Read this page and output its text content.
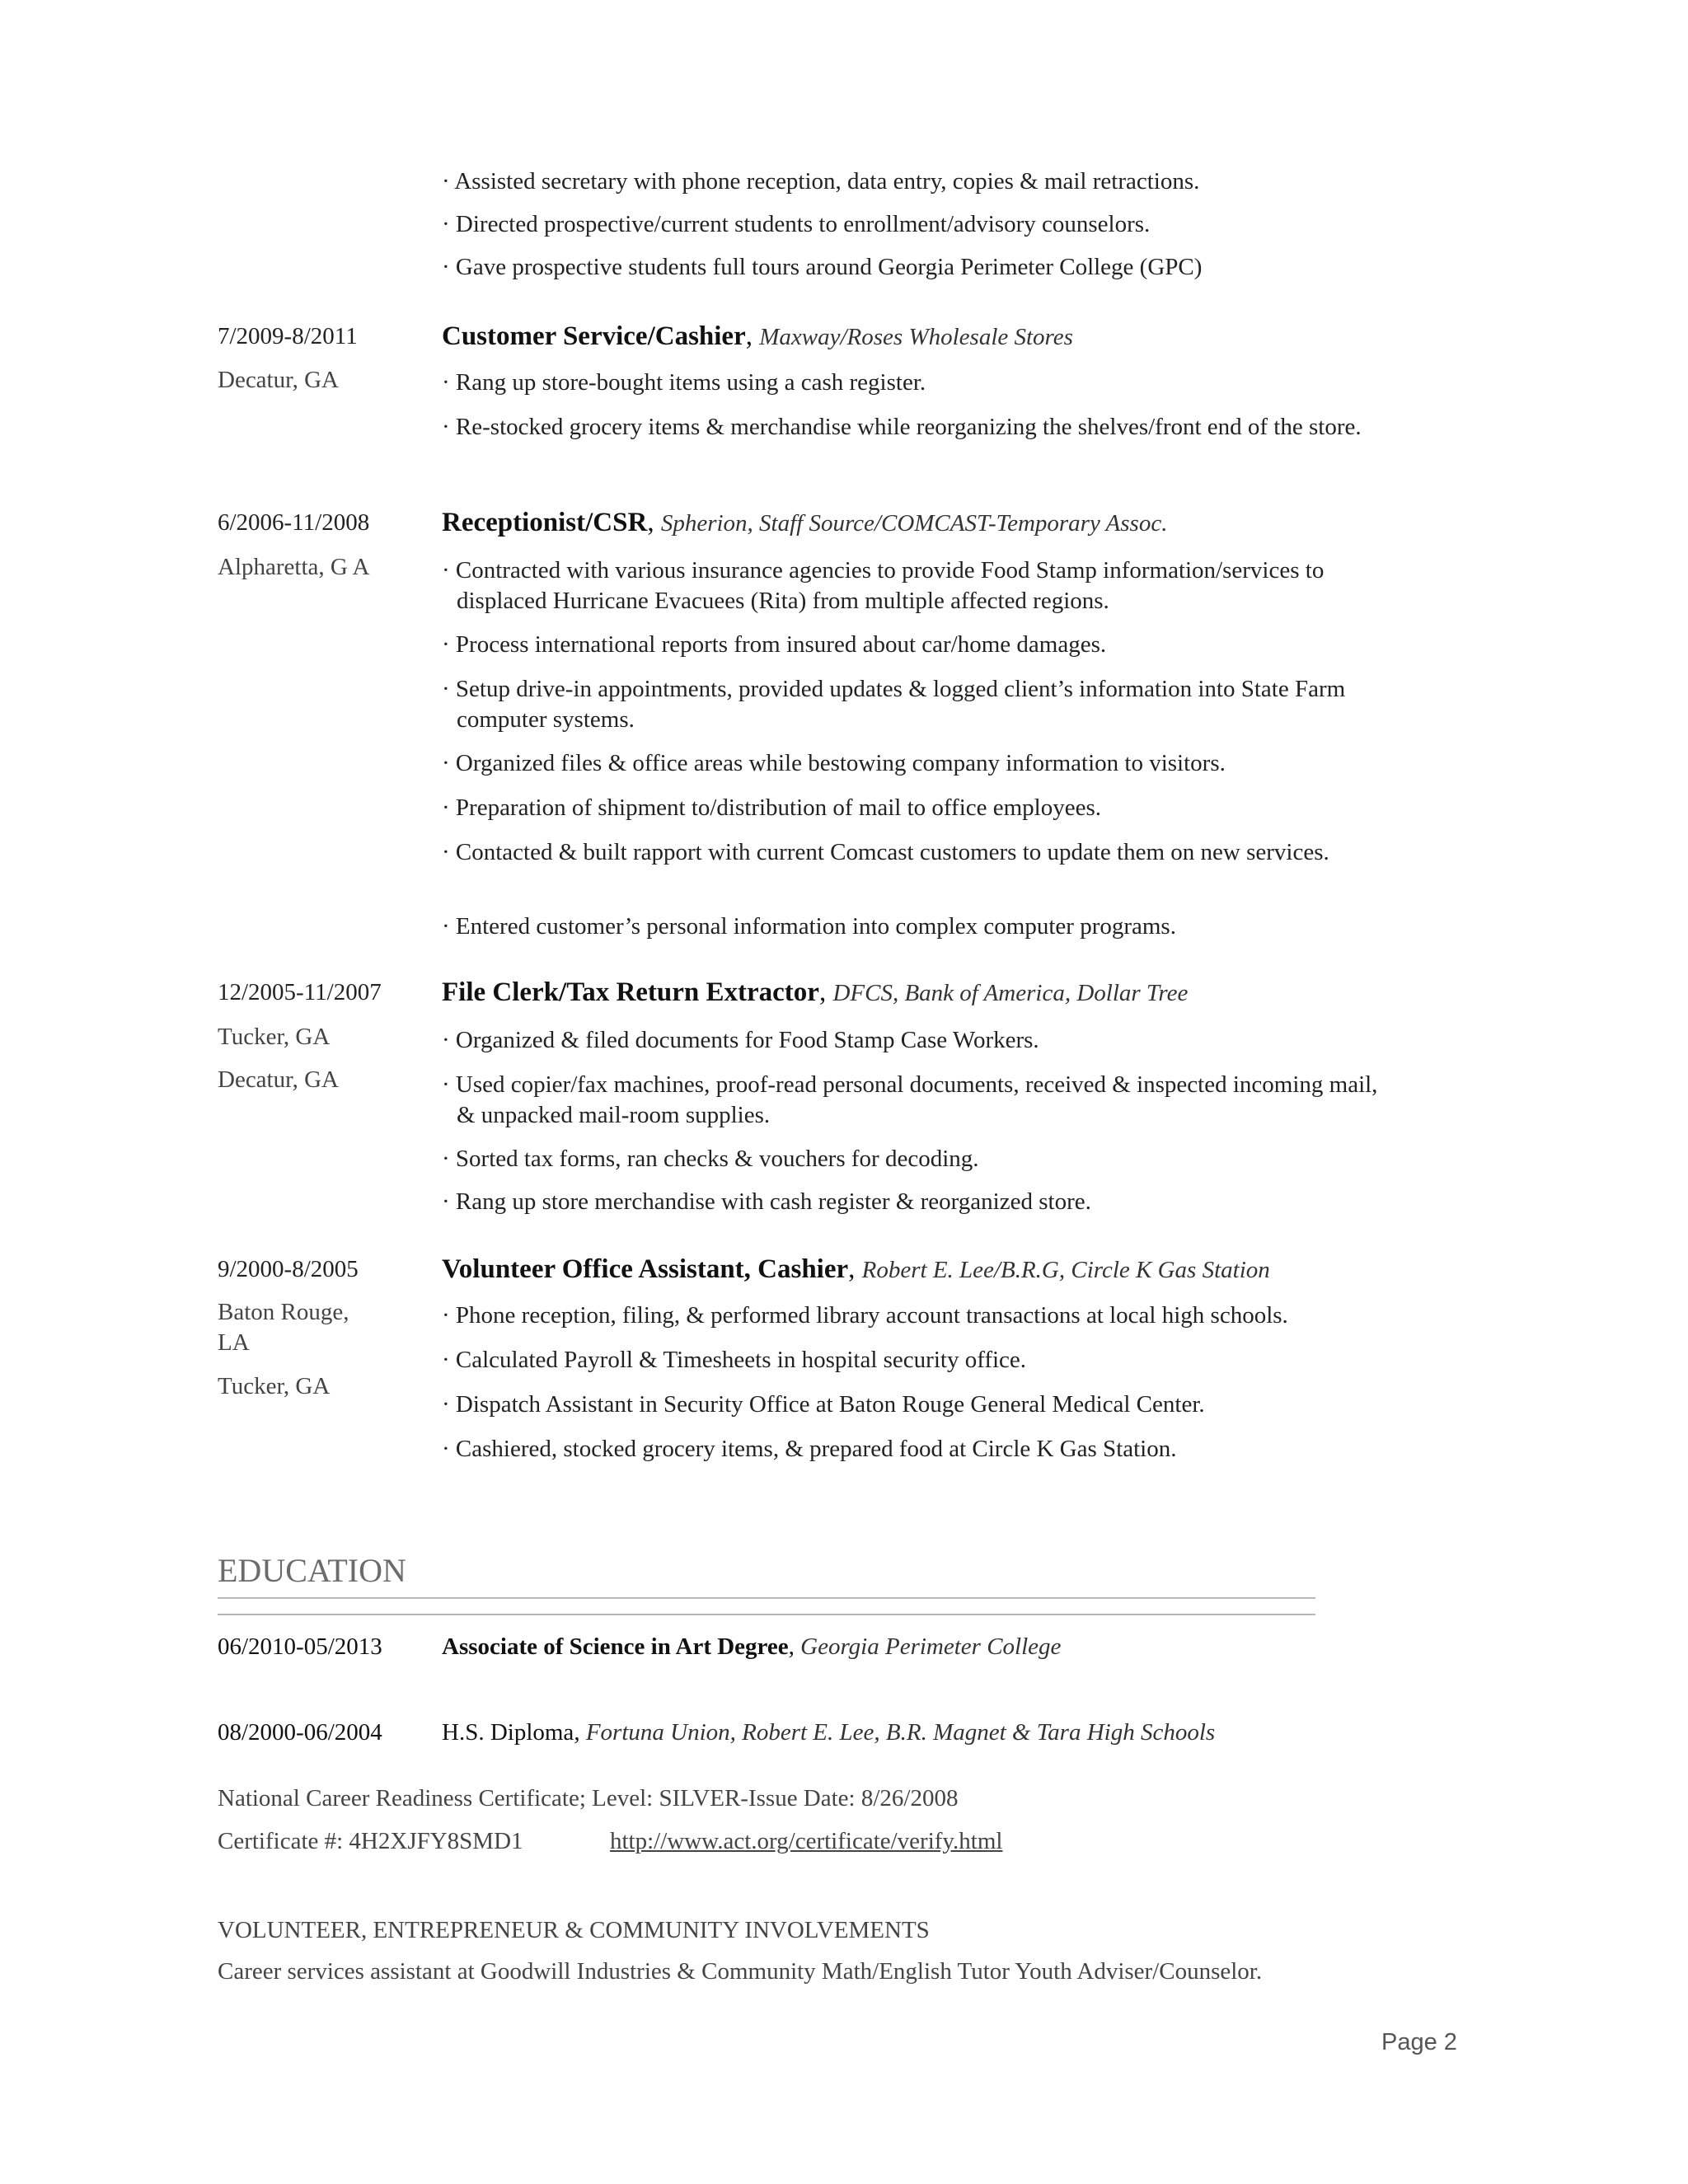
· Assisted secretary with phone reception, data entry, copies & mail retractions.
· Directed prospective/current students to enrollment/advisory counselors.
· Gave prospective students full tours around Georgia Perimeter College (GPC)
7/2009-8/2011
Decatur, GA
Customer Service/Cashier, Maxway/Roses Wholesale Stores
· Rang up store-bought items using a cash register.
· Re-stocked grocery items & merchandise while reorganizing the shelves/front end of the store.
6/2006-11/2008
Alpharetta, G A
Receptionist/CSR, Spherion, Staff Source/COMCAST-Temporary Assoc.
· Contracted with various insurance agencies to provide Food Stamp information/services to displaced Hurricane Evacuees (Rita) from multiple affected regions.
· Process international reports from insured about car/home damages.
· Setup drive-in appointments, provided updates & logged client’s information into State Farm computer systems.
· Organized files & office areas while bestowing company information to visitors.
· Preparation of shipment to/distribution of mail to office employees.
· Contacted & built rapport with current Comcast customers to update them on new services.
· Entered customer’s personal information into complex computer programs.
12/2005-11/2007
Tucker, GA
Decatur, GA
File Clerk/Tax Return Extractor, DFCS, Bank of America, Dollar Tree
· Organized & filed documents for Food Stamp Case Workers.
· Used copier/fax machines, proof-read personal documents, received & inspected incoming mail, & unpacked mail-room supplies.
· Sorted tax forms, ran checks & vouchers for decoding.
· Rang up store merchandise with cash register & reorganized store.
9/2000-8/2005
Baton Rouge, LA
Tucker, GA
Volunteer Office Assistant, Cashier, Robert E. Lee/B.R.G, Circle K Gas Station
· Phone reception, filing, & performed library account transactions at local high schools.
· Calculated Payroll & Timesheets in hospital security office.
· Dispatch Assistant in Security Office at Baton Rouge General Medical Center.
· Cashiered, stocked grocery items, & prepared food at Circle K Gas Station.
EDUCATION
06/2010-05/2013 Associate of Science in Art Degree, Georgia Perimeter College
08/2000-06/2004 H.S. Diploma, Fortuna Union, Robert E. Lee, B.R. Magnet & Tara High Schools
National Career Readiness Certificate; Level: SILVER-Issue Date: 8/26/2008
Certificate #: 4H2XJFY8SMD1	http://www.act.org/certificate/verify.html
VOLUNTEER, ENTREPRENEUR & COMMUNITY INVOLVEMENTS
Career services assistant at Goodwill Industries & Community Math/English Tutor Youth Adviser/Counselor.
Page 2
